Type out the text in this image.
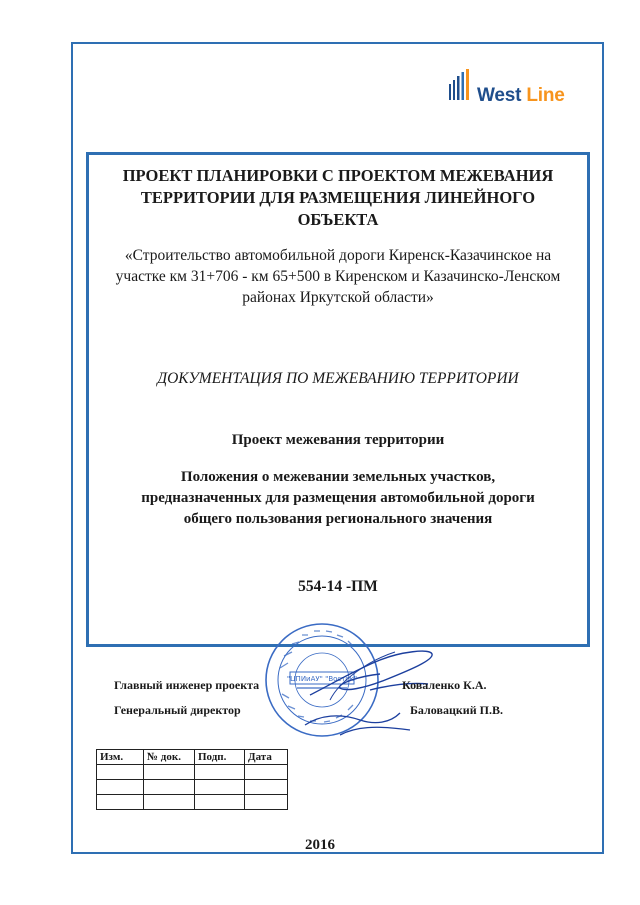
West Line
ПРОЕКТ ПЛАНИРОВКИ С ПРОЕКТОМ МЕЖЕВАНИЯ ТЕРРИТОРИИ ДЛЯ РАЗМЕЩЕНИЯ ЛИНЕЙНОГО ОБЪЕКТА
«Строительство автомобильной дороги Киренск-Казачинское на участке км 31+706 - км 65+500 в Киренском и Казачинско-Ленском районах Иркутской области»
ДОКУМЕНТАЦИЯ ПО МЕЖЕВАНИЮ ТЕРРИТОРИИ
Проект межевания территории
Положения о межевании земельных участков, предназначенных для размещения автомобильной дороги общего пользования регионального значения
554-14 -ПМ
"ЦПИиАУ" "Восток"
Главный инженер проекта	Коваленко К.А.
Генеральный директор	Баловацкий П.В.
Изм.	№ док.	Подп.	Дата

2016
